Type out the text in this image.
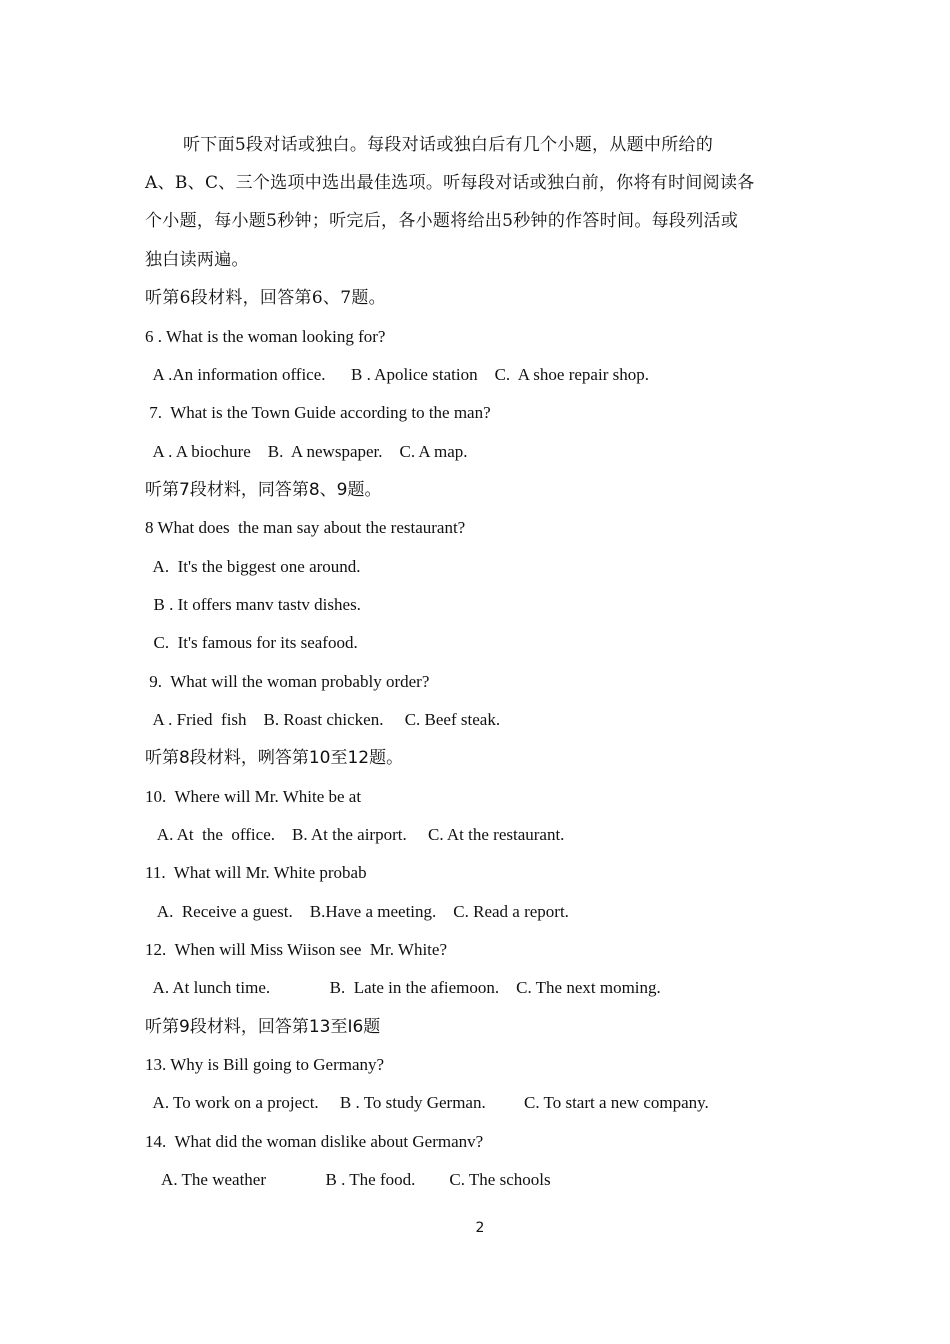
听下面5段对话或独白。每段对话或独白后有几个小题，从题中所给的
A、B、C、三个选项中选出最佳选项。听每段对话或独白前，你将有时间阅读各
个小题，每小题5秒钟；听完后，各小题将给出5秒钟的作答时间。每段列活或
独白读两遍。
听第6段材料，回答第6、7题。
6 . What is the woman looking for?
A .An information office.      B . Apolice station    C.  A shoe repair shop.
7.  What is the Town Guide according to the man?
A . A biochure    B.  A newspaper.    C. A map.
听第7段材料，同答第8、9题。
8 What does  the man say about the restaurant?
A.  It's the biggest one around.
B . It offers manv tastv dishes.
C.  It's famous for its seafood.
9.  What will the woman probably order?
A . Fried  fish    B. Roast chicken.     C. Beef steak.
听第8段材料，咧答第10至12题。
10.  Where will Mr. White be at
A. At  the  office.    B. At the airport.     C. At the restaurant.
11.  What will Mr. White probab
A.  Receive a guest.    B.Have a meeting.    C. Read a report.
12.  When will Miss Wiison see  Mr. White?
A. At lunch time.              B.  Late in the afiemoon.    C. The next moming.
听第9段材料，回答第13至I6题
13. Why is Bill going to Germany?
A. To work on a project.     B . To study German.         C. To start a new company.
14.  What did the woman dislike about Germanv?
A. The weather              B . The food.        C. The schools
2
